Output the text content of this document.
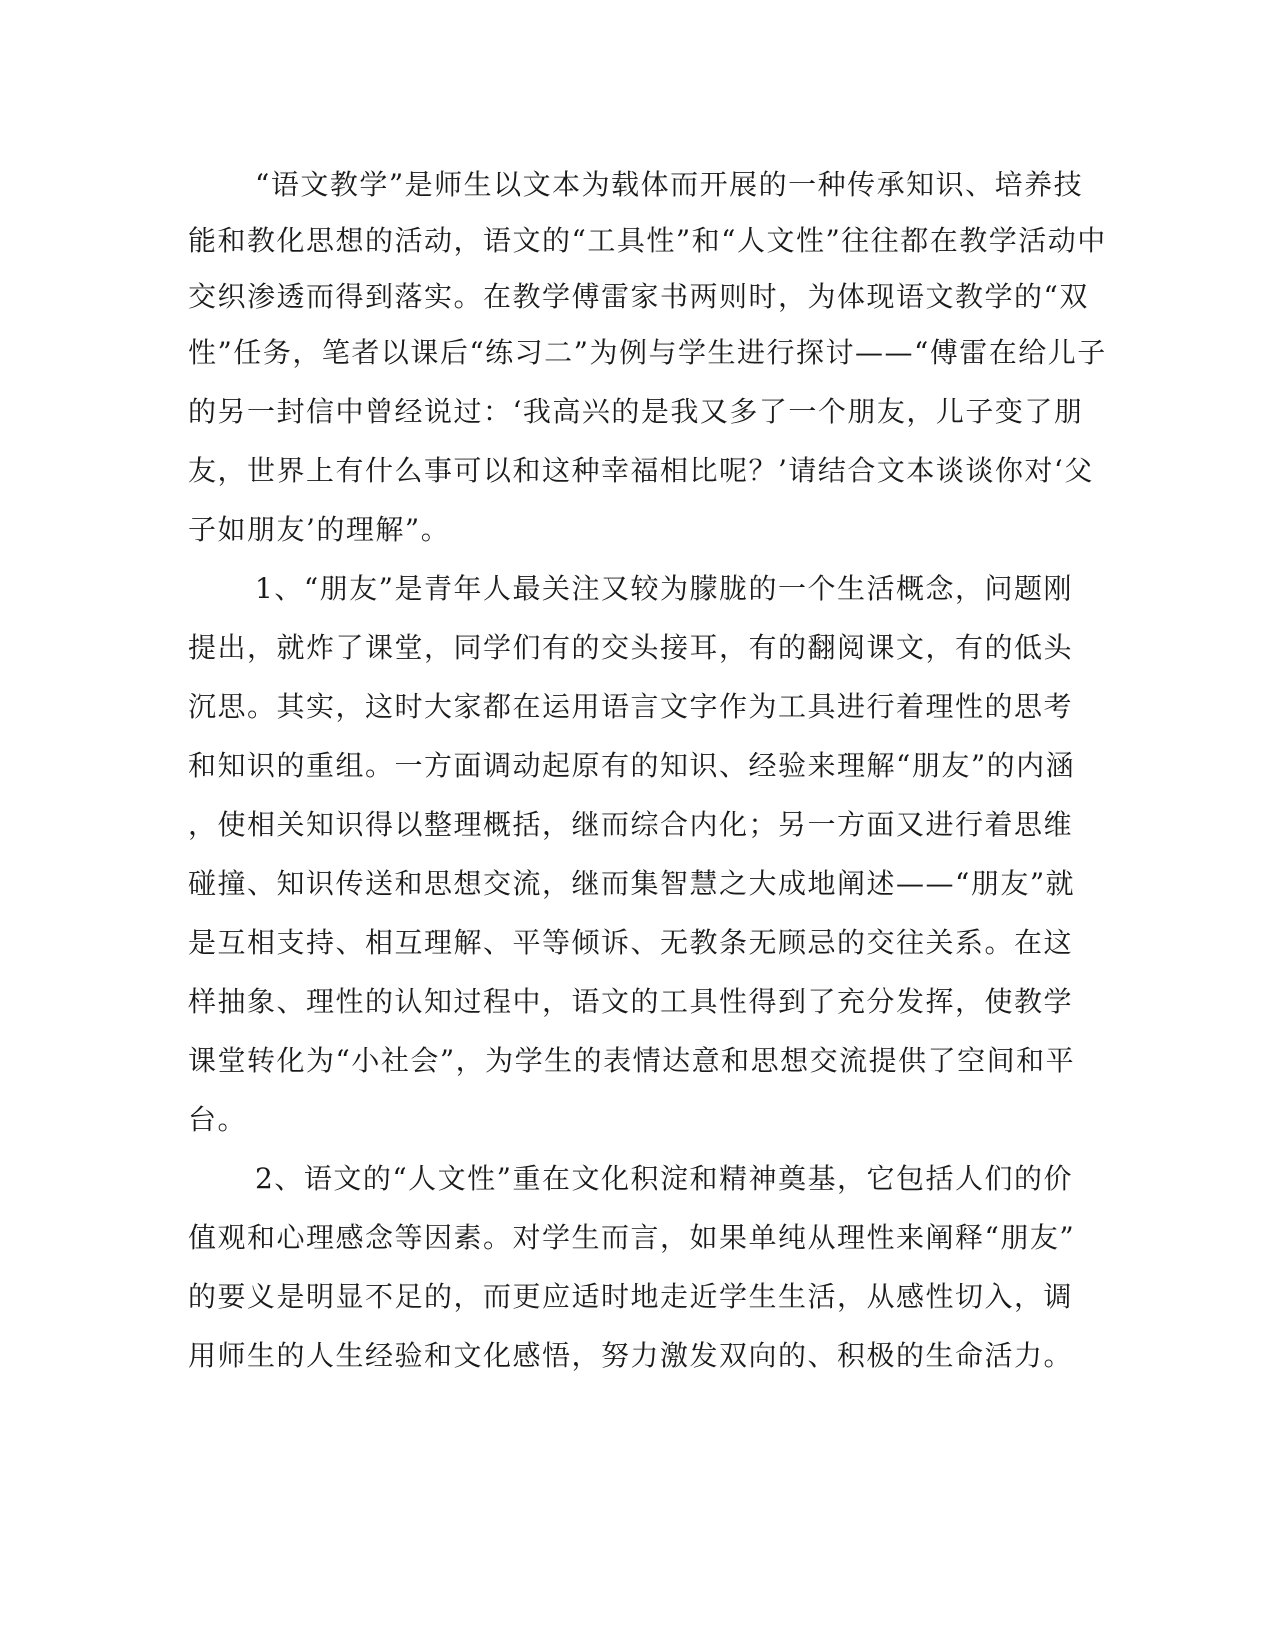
“语文教学”是师生以文本为载体而开展的一种传承知识、培养技

能和教化思想的活动，语文的“工具性”和“人文性”往往都在教学活动中

交织渗透而得到落实。在教学傅雷家书两则时，为体现语文教学的“双

性”任务，笔者以课后“练习二”为例与学生进行探讨——“傅雷在给儿子

的另一封信中曾经说过：‘我高兴的是我又多了一个朋友，儿子变了朋

友，世界上有什么事可以和这种幸福相比呢？’请结合文本谈谈你对‘父

子如朋友’的理解”。

1、“朋友”是青年人最关注又较为朦胧的一个生活概念，问题刚

提出，就炸了课堂，同学们有的交头接耳，有的翻阅课文，有的低头

沉思。其实，这时大家都在运用语言文字作为工具进行着理性的思考

和知识的重组。一方面调动起原有的知识、经验来理解“朋友”的内涵

，使相关知识得以整理概括，继而综合内化；另一方面又进行着思维

碰撞、知识传送和思想交流，继而集智慧之大成地阐述——“朋友”就

是互相支持、相互理解、平等倾诉、无教条无顾忌的交往关系。在这

样抽象、理性的认知过程中，语文的工具性得到了充分发挥，使教学

课堂转化为“小社会”，为学生的表情达意和思想交流提供了空间和平

台。

2、语文的“人文性”重在文化积淀和精神奠基，它包括人们的价

值观和心理感念等因素。对学生而言，如果单纯从理性来阐释“朋友”

的要义是明显不足的，而更应适时地走近学生生活，从感性切入，调

用师生的人生经验和文化感悟，努力激发双向的、积极的生命活力。
